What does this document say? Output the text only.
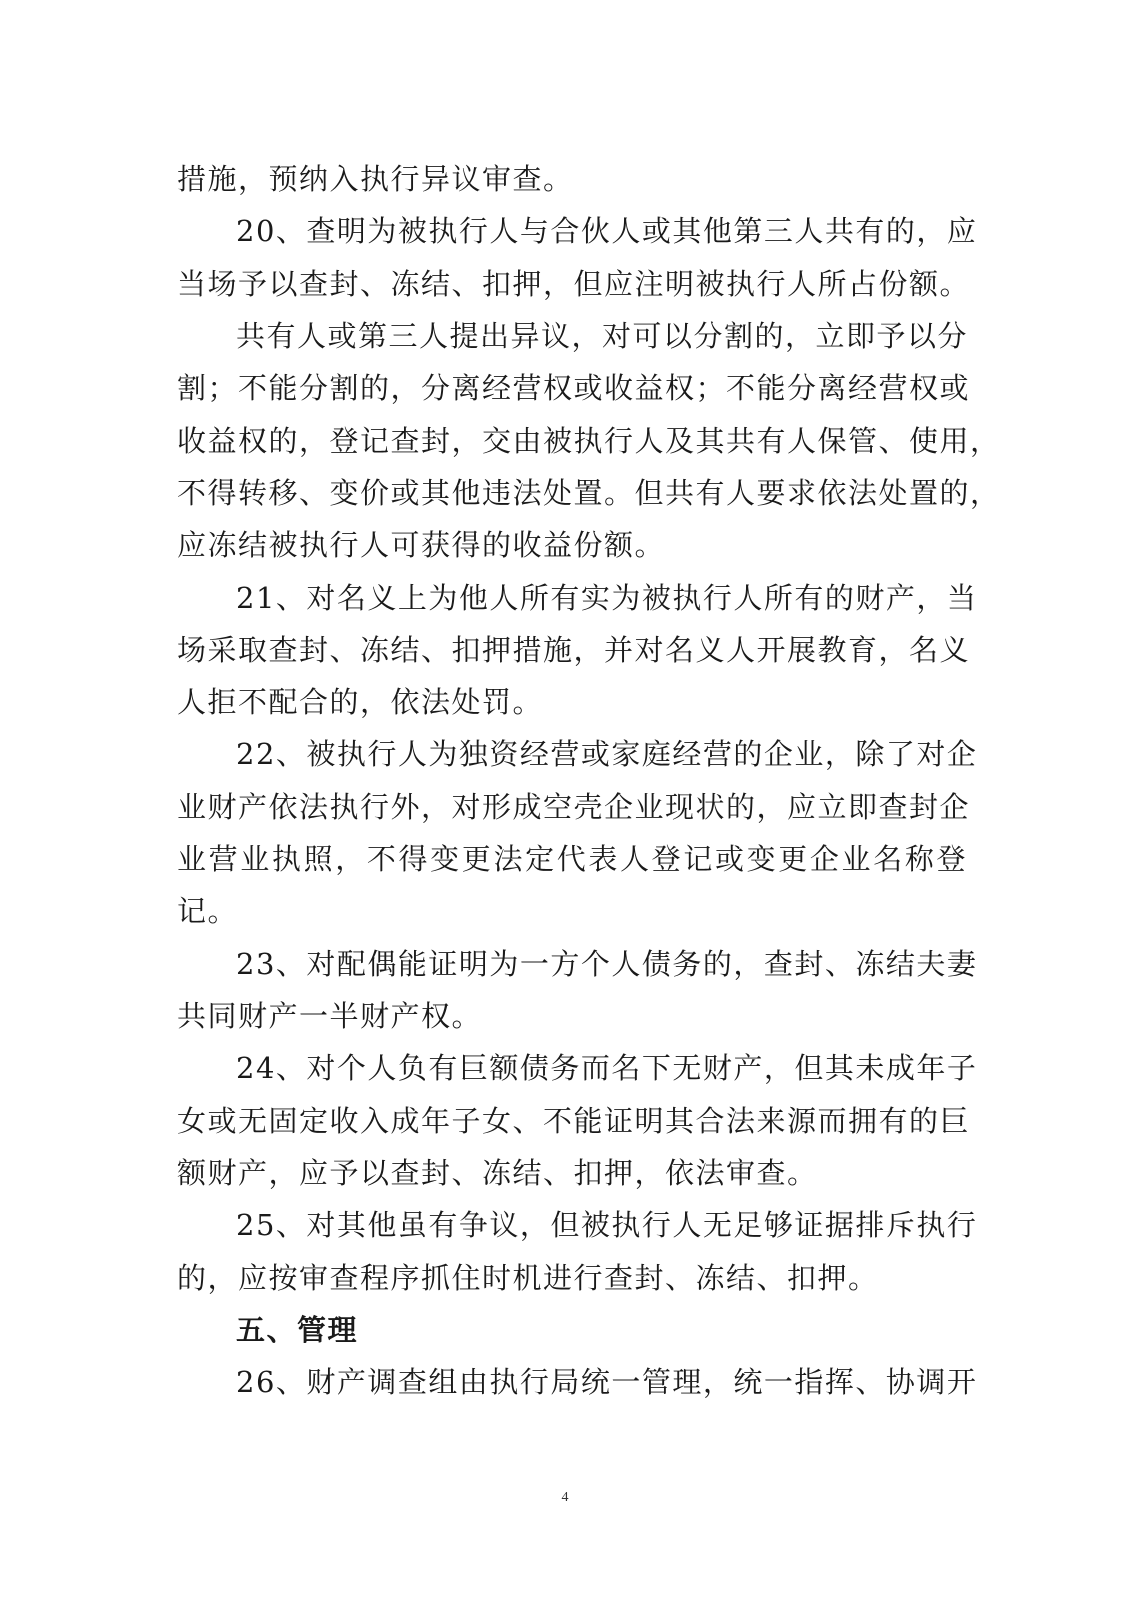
措施，预纳入执行异议审查。
20、查明为被执行人与合伙人或其他第三人共有的，应
当场予以查封、冻结、扣押，但应注明被执行人所占份额。
共有人或第三人提出异议，对可以分割的，立即予以分
割；不能分割的，分离经营权或收益权；不能分离经营权或
收益权的，登记查封，交由被执行人及其共有人保管、使用，
不得转移、变价或其他违法处置。但共有人要求依法处置的，
应冻结被执行人可获得的收益份额。
21、对名义上为他人所有实为被执行人所有的财产，当
场采取查封、冻结、扣押措施，并对名义人开展教育，名义
人拒不配合的，依法处罚。
22、被执行人为独资经营或家庭经营的企业，除了对企
业财产依法执行外，对形成空壳企业现状的，应立即查封企
业营业执照，不得变更法定代表人登记或变更企业名称登
记。
23、对配偶能证明为一方个人债务的，查封、冻结夫妻
共同财产一半财产权。
24、对个人负有巨额债务而名下无财产，但其未成年子
女或无固定收入成年子女、不能证明其合法来源而拥有的巨
额财产，应予以查封、冻结、扣押，依法审查。
25、对其他虽有争议，但被执行人无足够证据排斥执行
的，应按审查程序抓住时机进行查封、冻结、扣押。
五、管理
26、财产调查组由执行局统一管理，统一指挥、协调开
4
